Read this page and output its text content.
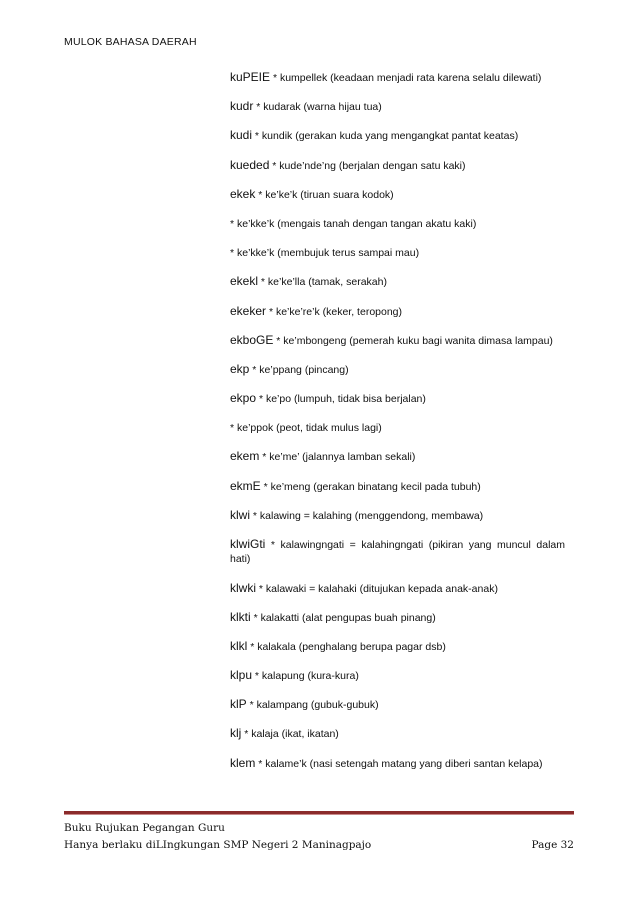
MULOK BAHASA DAERAH

kuPEIE * kumpellek (keadaan menjadi rata karena selalu dilewati)

kudr * kudarak (warna hijau tua)

kudi * kundik (gerakan kuda yang mengangkat pantat keatas)

kueded * kude’nde’ng (berjalan dengan satu kaki)

ekek * ke’ke’k (tiruan suara kodok)

* ke’kke’k (mengais tanah dengan tangan akatu kaki)

* ke’kke’k (membujuk terus sampai mau)

ekekl * ke’ke’lla (tamak, serakah)

ekeker * ke’ke’re’k (keker, teropong)

ekboGE * ke’mbongeng (pemerah kuku bagi wanita dimasa lampau)

ekp * ke’ppang (pincang)

ekpo * ke’po (lumpuh, tidak bisa berjalan)

* ke’ppok (peot, tidak mulus lagi)

ekem * ke’me’ (jalannya lamban sekali)

ekmE * ke’meng (gerakan binatang kecil pada tubuh)

klwi * kalawing = kalahing (menggendong, membawa)

klwiGti * kalawingngati = kalahingngati (pikiran yang muncul dalam hati)

klwki * kalawaki = kalahaki (ditujukan kepada anak-anak)

klkti * kalakatti (alat pengupas buah pinang)

klkl * kalakala (penghalang berupa pagar dsb)

klpu * kalapung (kura-kura)

klP * kalampang (gubuk-gubuk)

klj * kalaja (ikat, ikatan)

klem * kalame’k (nasi setengah matang yang diberi santan kelapa)

Buku Rujukan Pegangan Guru
Hanya berlaku diLIngkungan SMP Negeri 2 Maninagpajo	Page 32
